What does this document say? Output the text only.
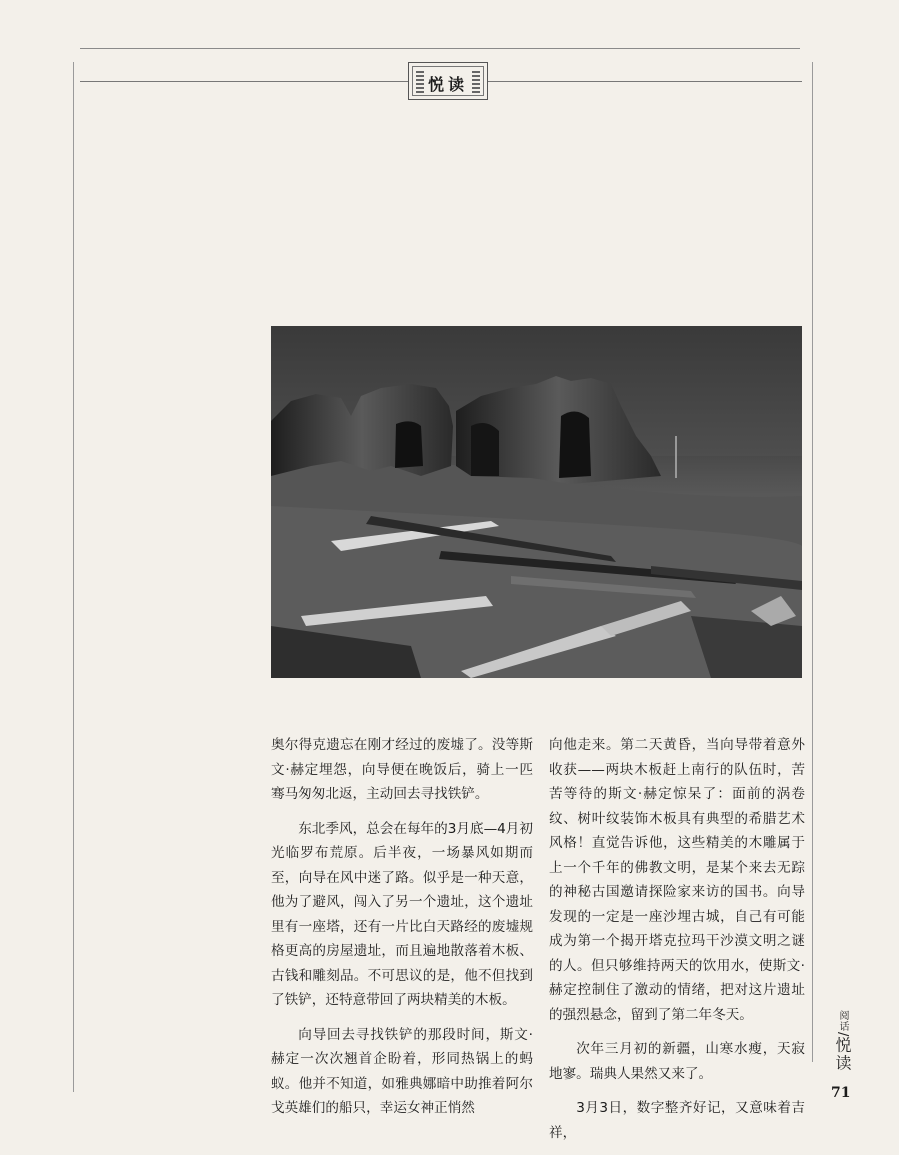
悦读

奥尔得克遗忘在刚才经过的废墟了。没等斯文·赫定埋怨，向导便在晚饭后，骑上一匹骞马匆匆北返，主动回去寻找铁铲。

东北季风，总会在每年的3月底—4月初光临罗布荒原。后半夜，一场暴风如期而至，向导在风中迷了路。似乎是一种天意，他为了避风，闯入了另一个遗址，这个遗址里有一座塔，还有一片比白天路经的废墟规格更高的房屋遗址，而且遍地散落着木板、古钱和雕刻品。不可思议的是，他不但找到了铁铲，还特意带回了两块精美的木板。

向导回去寻找铁铲的那段时间，斯文·赫定一次次翘首企盼着，形同热锅上的蚂蚁。他并不知道，如雅典娜暗中助推着阿尔戈英雄们的船只，幸运女神正悄然

向他走来。第二天黄昏，当向导带着意外收获——两块木板赶上南行的队伍时，苦苦等待的斯文·赫定惊呆了：面前的涡卷纹、树叶纹装饰木板具有典型的希腊艺术风格！直觉告诉他，这些精美的木雕属于上一个千年的佛教文明，是某个来去无踪的神秘古国邀请探险家来访的国书。向导发现的一定是一座沙埋古城，自己有可能成为第一个揭开塔克拉玛干沙漠文明之谜的人。但只够维持两天的饮用水，使斯文·赫定控制住了激动的情绪，把对这片遗址的强烈悬念，留到了第二年冬天。

次年三月初的新疆，山寒水瘦，天寂地寥。瑞典人果然又来了。

3月3日，数字整齐好记，又意味着吉祥，

阅话/悦读
71
